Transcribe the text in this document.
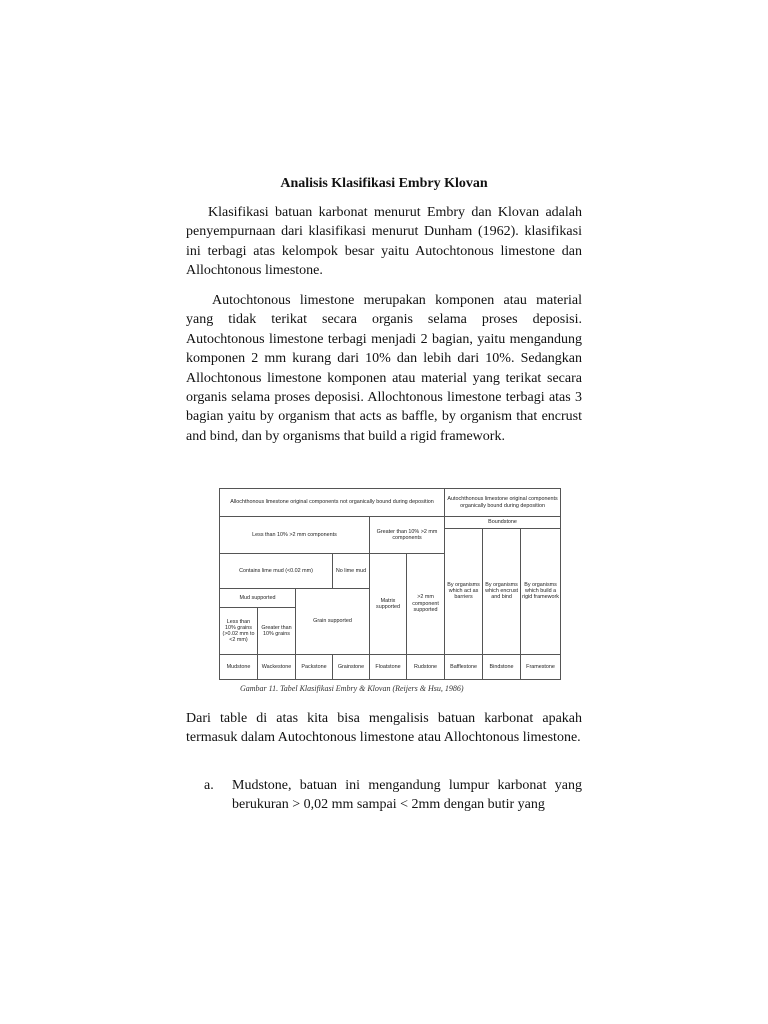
Analisis Klasifikasi Embry Klovan

Klasifikasi batuan karbonat menurut Embry dan Klovan adalah penyempurnaan dari klasifikasi menurut Dunham (1962). klasifikasi ini terbagi atas kelompok besar yaitu Autochtonous limestone dan Allochtonous limestone.

Autochtonous limestone merupakan komponen atau material yang tidak terikat secara organis selama proses deposisi. Autochtonous limestone terbagi menjadi 2 bagian, yaitu mengandung komponen 2 mm kurang dari 10% dan lebih dari 10%. Sedangkan Allochtonous limestone komponen atau material yang terikat secara organis selama proses deposisi. Allochtonous limestone terbagi atas 3 bagian yaitu by organism that acts as baffle, by organism that encrust and bind, dan by organisms that build a rigid framework.

Dari table di atas kita bisa mengalisis batuan karbonat apakah termasuk dalam Autochtonous limestone atau Allochtonous limestone.

a. Mudstone, batuan ini mengandung lumpur karbonat yang berukuran > 0,02 mm sampai < 2mm dengan butir yang
Allochthonous limestone original components not organically bound during deposition						Autochthonous limestone original components organically bound during deposition		
Less than 10% >2 mm components				Greater than 10% >2 mm components		Boundstone		
						By organisms which act as barriers	By organisms which encrust and bind	By organisms which build a rigid framework
Contains lime mud (<0.02 mm)			No lime mud	Matrix supported	>2 mm component supported			
Mud supported		Grain supported						
Less than 10% grains (>0.02 mm to <2 mm)	Greater than 10% grains							
Mudstone	Wackestone	Packstone	Grainstone	Floatstone	Rudstone	Bafflestone	Bindstone	Framestone
Gambar 11. Tabel Klasifikasi Embry & Klovan (Reijers & Hsu, 1986)
